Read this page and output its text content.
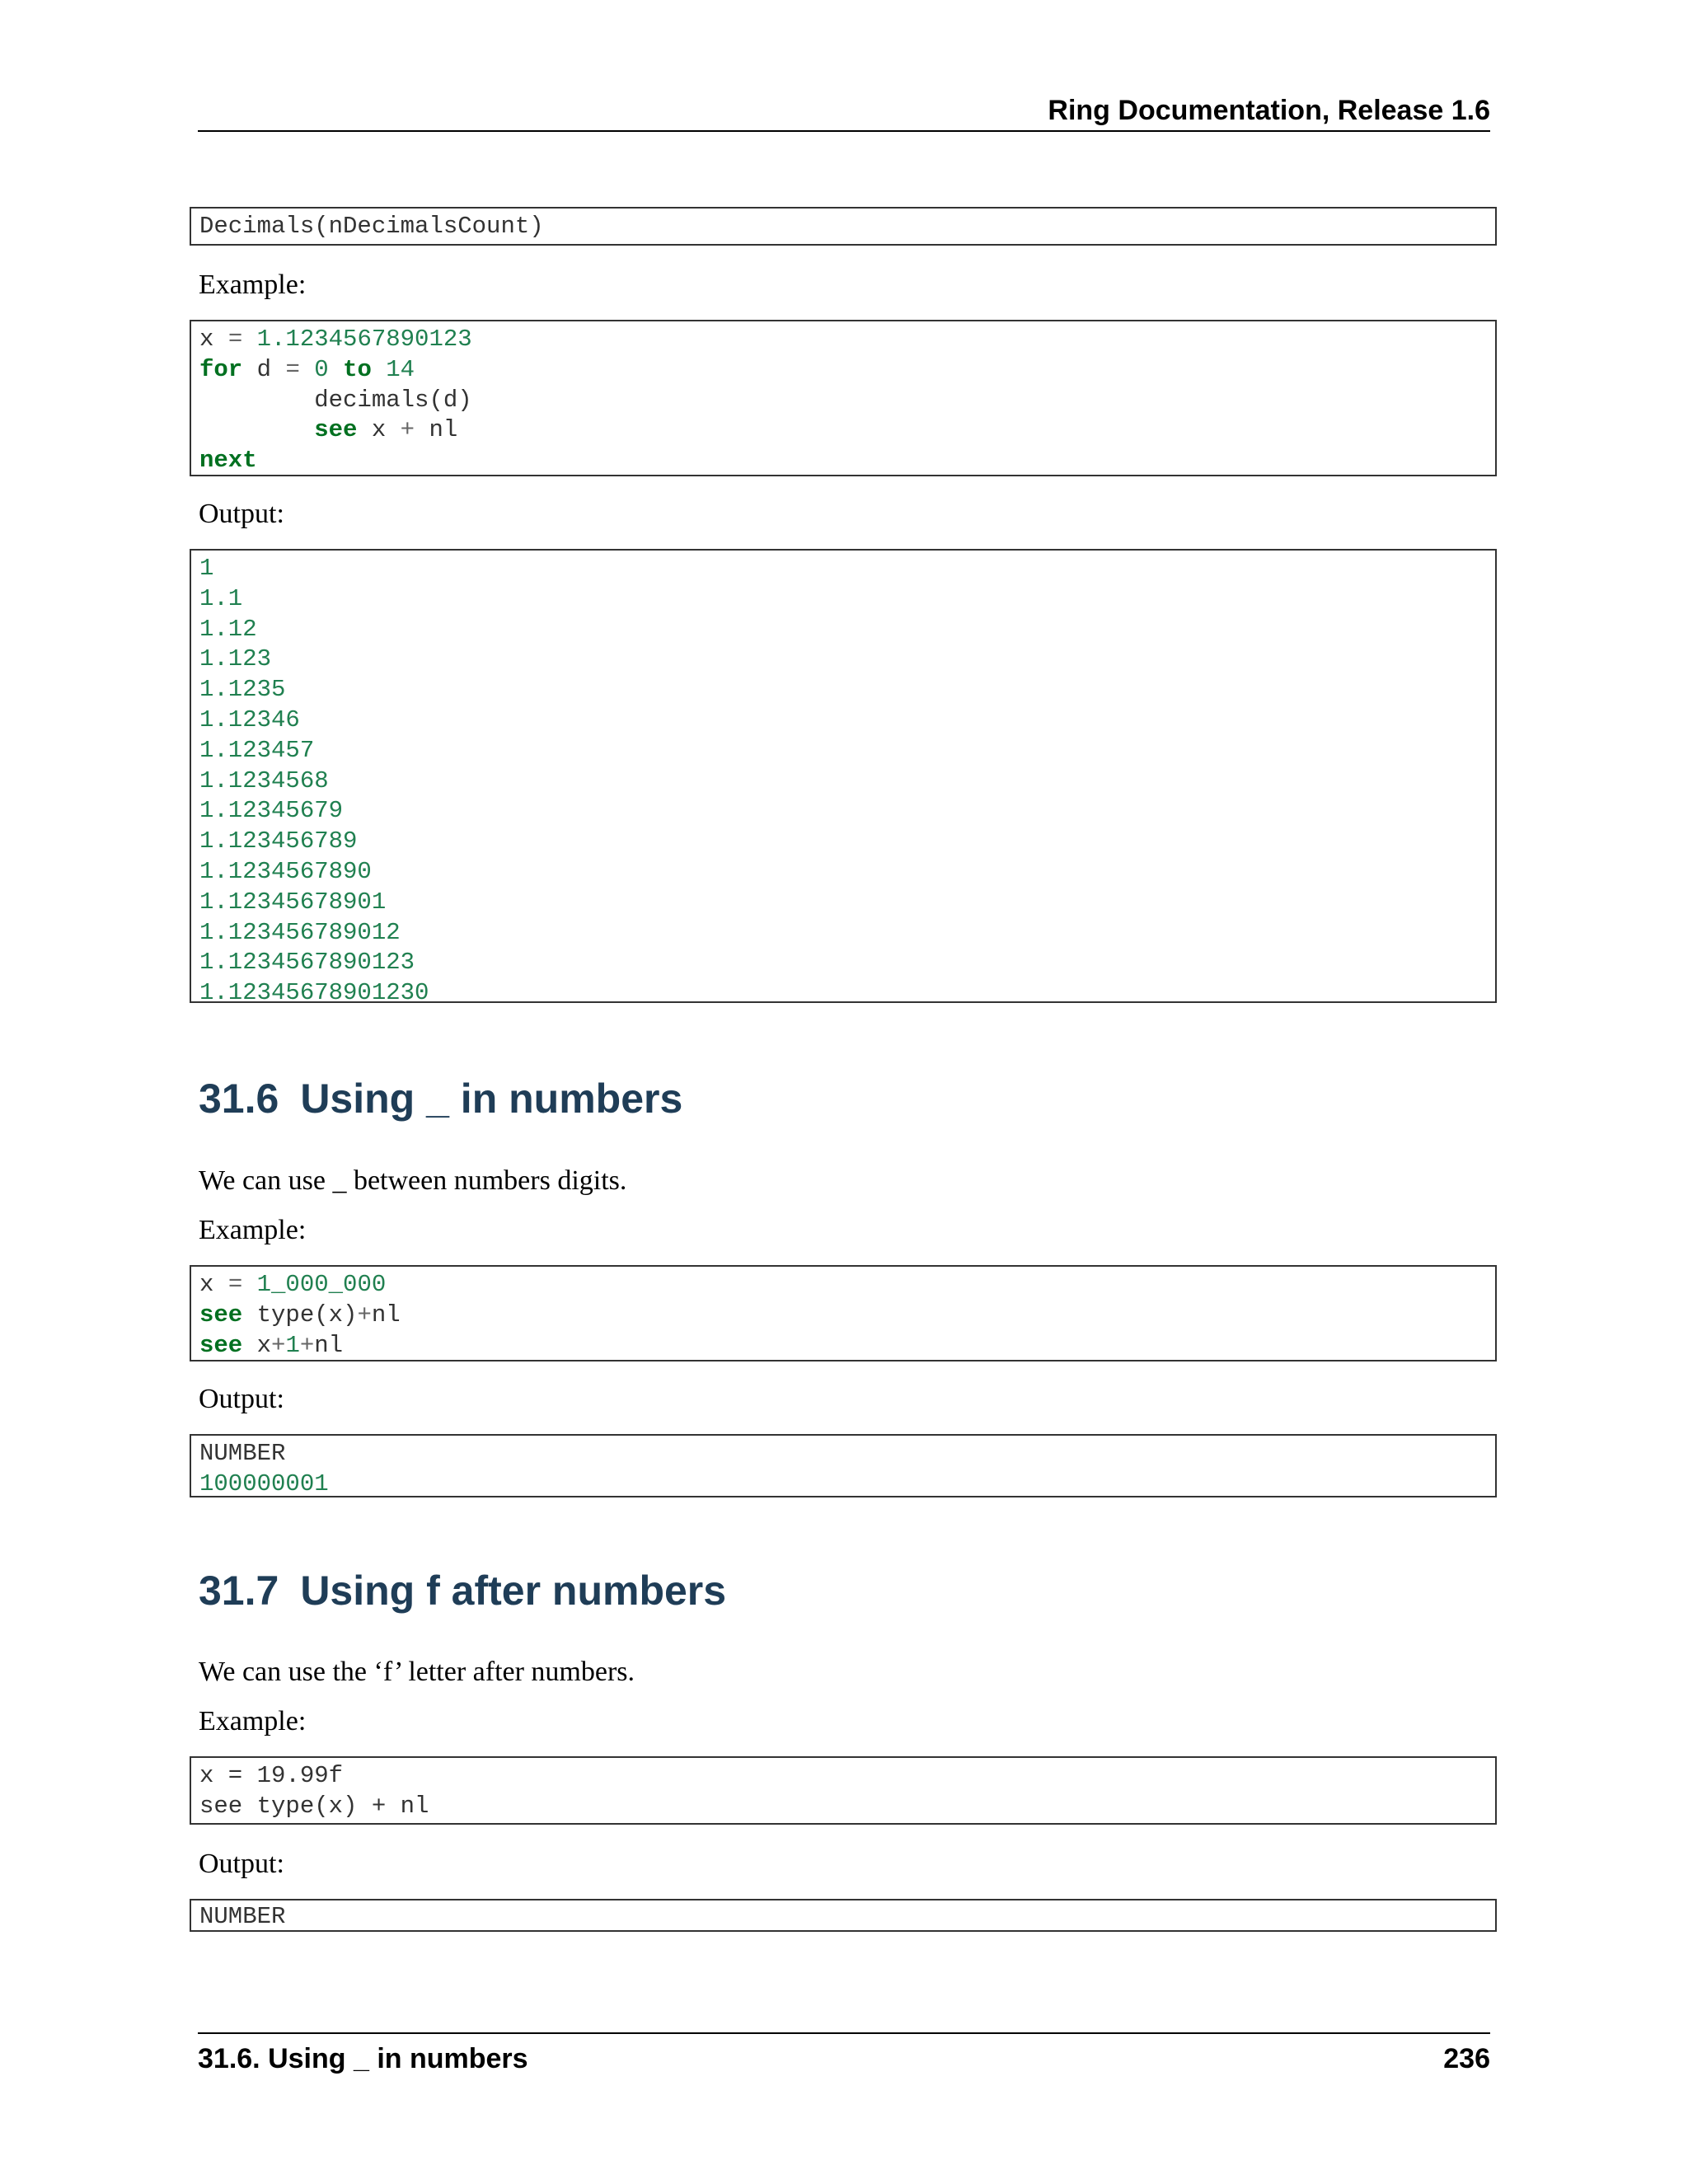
Ring Documentation, Release 1.6
Decimals(nDecimalsCount)
Example:
x = 1.1234567890123
for d = 0 to 14
decimals(d)
see x + nl
next
Output:
1
1.1
1.12
1.123
1.1235
1.12346
1.123457
1.1234568
1.12345679
1.123456789
1.1234567890
1.12345678901
1.123456789012
1.1234567890123
1.12345678901230
31.6 Using _ in numbers
We can use _ between numbers digits.
Example:
x = 1_000_000
see type(x)+nl
see x+1+nl
Output:
NUMBER
100000001
31.7 Using f after numbers
We can use the ‘f’ letter after numbers.
Example:
x = 19.99f
see type(x) + nl
Output:
NUMBER
31.6. Using _ in numbers	236
